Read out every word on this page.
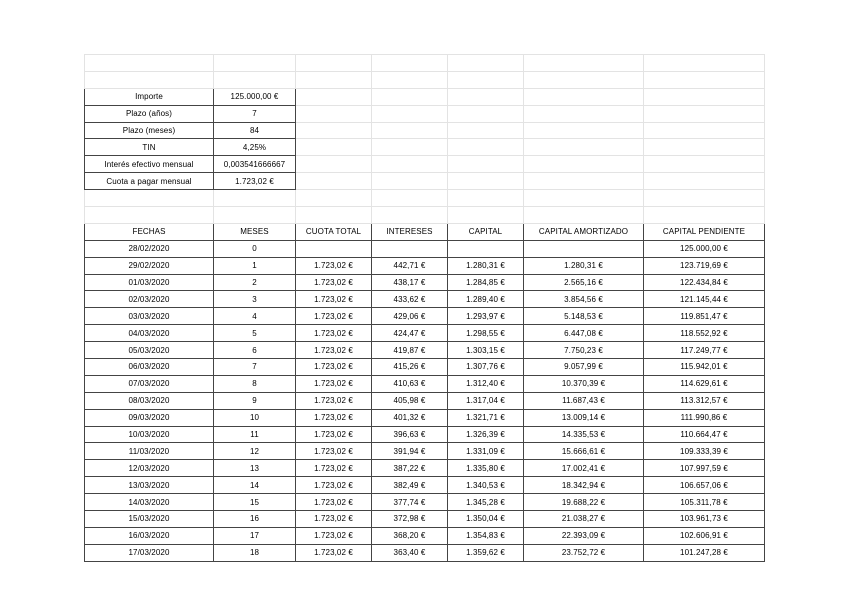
Importe	125.000,00 €					
Plazo (años)	7					
Plazo (meses)	84					
TIN	4,25%					
Interés efectivo mensual	0,003541666667					
Cuota a pagar mensual	1.723,02 €					

FECHAS	MESES	CUOTA TOTAL	INTERESES	CAPITAL	CAPITAL AMORTIZADO	CAPITAL PENDIENTE
28/02/2020	0					125.000,00 €
29/02/2020	1	1.723,02 €	442,71 €	1.280,31 €	1.280,31 €	123.719,69 €
01/03/2020	2	1.723,02 €	438,17 €	1.284,85 €	2.565,16 €	122.434,84 €
02/03/2020	3	1.723,02 €	433,62 €	1.289,40 €	3.854,56 €	121.145,44 €
03/03/2020	4	1.723,02 €	429,06 €	1.293,97 €	5.148,53 €	119.851,47 €
04/03/2020	5	1.723,02 €	424,47 €	1.298,55 €	6.447,08 €	118.552,92 €
05/03/2020	6	1.723,02 €	419,87 €	1.303,15 €	7.750,23 €	117.249,77 €
06/03/2020	7	1.723,02 €	415,26 €	1.307,76 €	9.057,99 €	115.942,01 €
07/03/2020	8	1.723,02 €	410,63 €	1.312,40 €	10.370,39 €	114.629,61 €
08/03/2020	9	1.723,02 €	405,98 €	1.317,04 €	11.687,43 €	113.312,57 €
09/03/2020	10	1.723,02 €	401,32 €	1.321,71 €	13.009,14 €	111.990,86 €
10/03/2020	11	1.723,02 €	396,63 €	1.326,39 €	14.335,53 €	110.664,47 €
11/03/2020	12	1.723,02 €	391,94 €	1.331,09 €	15.666,61 €	109.333,39 €
12/03/2020	13	1.723,02 €	387,22 €	1.335,80 €	17.002,41 €	107.997,59 €
13/03/2020	14	1.723,02 €	382,49 €	1.340,53 €	18.342,94 €	106.657,06 €
14/03/2020	15	1.723,02 €	377,74 €	1.345,28 €	19.688,22 €	105.311,78 €
15/03/2020	16	1.723,02 €	372,98 €	1.350,04 €	21.038,27 €	103.961,73 €
16/03/2020	17	1.723,02 €	368,20 €	1.354,83 €	22.393,09 €	102.606,91 €
17/03/2020	18	1.723,02 €	363,40 €	1.359,62 €	23.752,72 €	101.247,28 €
